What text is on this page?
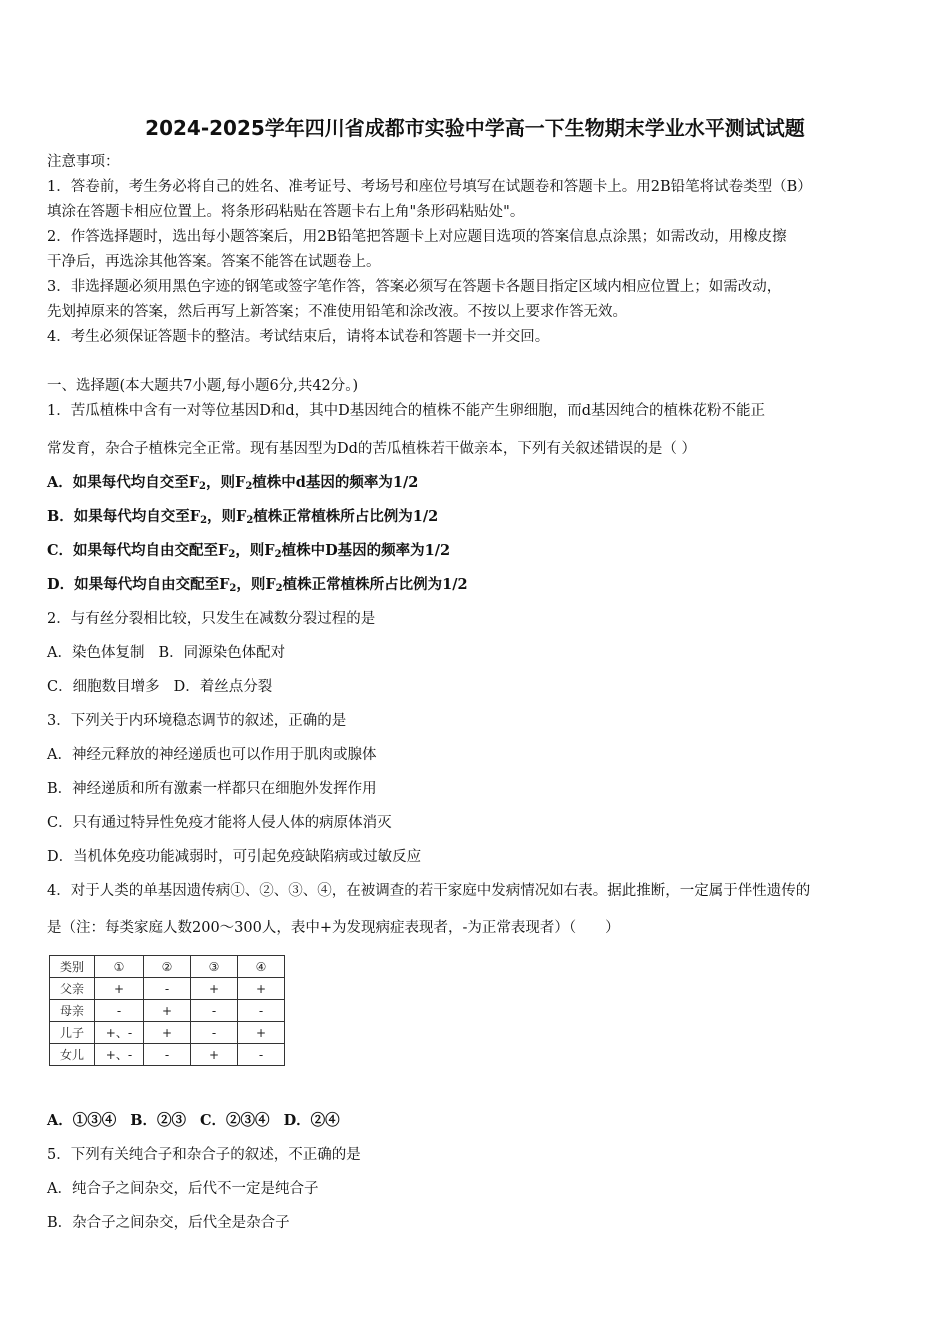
2024-2025学年四川省成都市实验中学高一下生物期末学业水平测试试题
注意事项：
1．答卷前，考生务必将自己的姓名、准考证号、考场号和座位号填写在试题卷和答题卡上。用2B铅笔将试卷类型（B）
填涂在答题卡相应位置上。将条形码粘贴在答题卡右上角"条形码粘贴处"。
2．作答选择题时，选出每小题答案后，用2B铅笔把答题卡上对应题目选项的答案信息点涂黑；如需改动，用橡皮擦
干净后，再选涂其他答案。答案不能答在试题卷上。
3．非选择题必须用黑色字迹的钢笔或签字笔作答，答案必须写在答题卡各题目指定区域内相应位置上；如需改动，
先划掉原来的答案，然后再写上新答案；不准使用铅笔和涂改液。不按以上要求作答无效。
4．考生必须保证答题卡的整洁。考试结束后，请将本试卷和答题卡一并交回。
一、选择题(本大题共7小题,每小题6分,共42分。)
1．苦瓜植株中含有一对等位基因D和d，其中D基因纯合的植株不能产生卵细胞，而d基因纯合的植株花粉不能正
常发育，杂合子植株完全正常。现有基因型为Dd的苦瓜植株若干做亲本，下列有关叙述错误的是（ ）
A．如果每代均自交至$F_2$，则$F_2$植株中d基因的频率为1/2
B．如果每代均自交至$F_2$，则$F_2$植株正常植株所占比例为1/2
C．如果每代均自由交配至$F_2$，则$F_2$植株中D基因的频率为1/2
D．如果每代均自由交配至$F_2$，则$F_2$植株正常植株所占比例为1/2
2．与有丝分裂相比较，只发生在减数分裂过程的是
A．染色体复制 B．同源染色体配对
C．细胞数目增多 D．着丝点分裂
3．下列关于内环境稳态调节的叙述，正确的是
A．神经元释放的神经递质也可以作用于肌肉或腺体
B．神经递质和所有激素一样都只在细胞外发挥作用
C．只有通过特异性免疫才能将人侵人体的病原体消灭
D．当机体免疫功能减弱时，可引起免疫缺陷病或过敏反应
4．对于人类的单基因遗传病①、②、③、④，在被调查的若干家庭中发病情况如右表。据此推断，一定属于伴性遗传的
是（注：每类家庭人数200～300人，表中+为发现病症表现者，-为正常表现者）（　　）
类别	①	②	③	④
父亲	+	-	+	+
母亲	-	+	-	-
儿子	+、-	+	-	+
女儿	+、-	-	+	-
A．①③④ B．②③ C．②③④ D．②④
5．下列有关纯合子和杂合子的叙述，不正确的是
A．纯合子之间杂交，后代不一定是纯合子
B．杂合子之间杂交，后代全是杂合子
